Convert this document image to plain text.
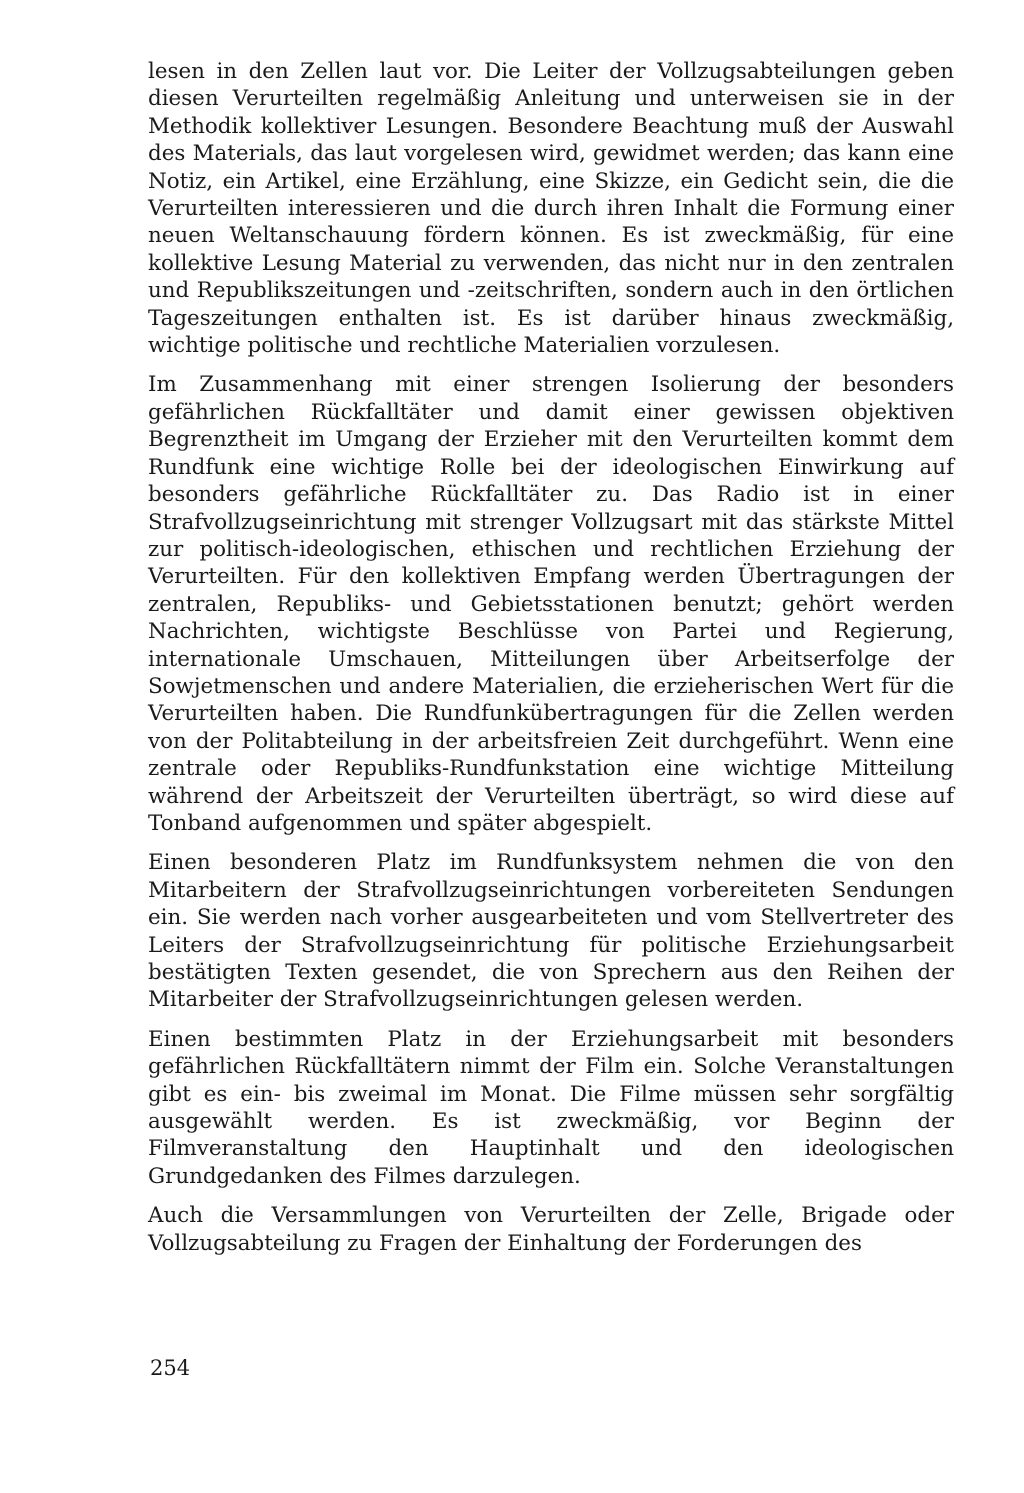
lesen in den Zellen laut vor. Die Leiter der Vollzugsabteilungen geben diesen Verurteilten regelmäßig Anleitung und unterweisen sie in der Methodik kollektiver Lesungen. Besondere Beachtung muß der Auswahl des Materials, das laut vorgelesen wird, gewidmet werden; das kann eine Notiz, ein Artikel, eine Erzählung, eine Skizze, ein Gedicht sein, die die Verurteilten interessieren und die durch ihren Inhalt die Formung einer neuen Weltanschauung fördern können. Es ist zweckmäßig, für eine kollektive Lesung Material zu verwenden, das nicht nur in den zentralen und Republikszeitungen und -zeitschriften, sondern auch in den örtlichen Tageszeitungen enthalten ist. Es ist darüber hinaus zweckmäßig, wichtige politische und rechtliche Materialien vorzulesen.

Im Zusammenhang mit einer strengen Isolierung der besonders gefährlichen Rückfalltäter und damit einer gewissen objektiven Begrenztheit im Umgang der Erzieher mit den Verurteilten kommt dem Rundfunk eine wichtige Rolle bei der ideologischen Einwirkung auf besonders gefährliche Rückfalltäter zu. Das Radio ist in einer Strafvollzugseinrichtung mit strenger Vollzugsart mit das stärkste Mittel zur politisch-ideologischen, ethischen und rechtlichen Erziehung der Verurteilten. Für den kollektiven Empfang werden Übertragungen der zentralen, Republiks- und Gebietsstationen benutzt; gehört werden Nachrichten, wichtigste Beschlüsse von Partei und Regierung, internationale Umschauen, Mitteilungen über Arbeitserfolge der Sowjetmenschen und andere Materialien, die erzieherischen Wert für die Verurteilten haben. Die Rundfunkübertragungen für die Zellen werden von der Politabteilung in der arbeitsfreien Zeit durchgeführt. Wenn eine zentrale oder Republiks-Rundfunkstation eine wichtige Mitteilung während der Arbeitszeit der Verurteilten überträgt, so wird diese auf Tonband aufgenommen und später abgespielt.

Einen besonderen Platz im Rundfunksystem nehmen die von den Mitarbeitern der Strafvollzugseinrichtungen vorbereiteten Sendungen ein. Sie werden nach vorher ausgearbeiteten und vom Stellvertreter des Leiters der Strafvollzugseinrichtung für politische Erziehungsarbeit bestätigten Texten gesendet, die von Sprechern aus den Reihen der Mitarbeiter der Strafvollzugseinrichtungen gelesen werden.

Einen bestimmten Platz in der Erziehungsarbeit mit besonders gefährlichen Rückfalltätern nimmt der Film ein. Solche Veranstaltungen gibt es ein- bis zweimal im Monat. Die Filme müssen sehr sorgfältig ausgewählt werden. Es ist zweckmäßig, vor Beginn der Filmveranstaltung den Hauptinhalt und den ideologischen Grundgedanken des Filmes darzulegen.

Auch die Versammlungen von Verurteilten der Zelle, Brigade oder Vollzugsabteilung zu Fragen der Einhaltung der Forderungen des

254
